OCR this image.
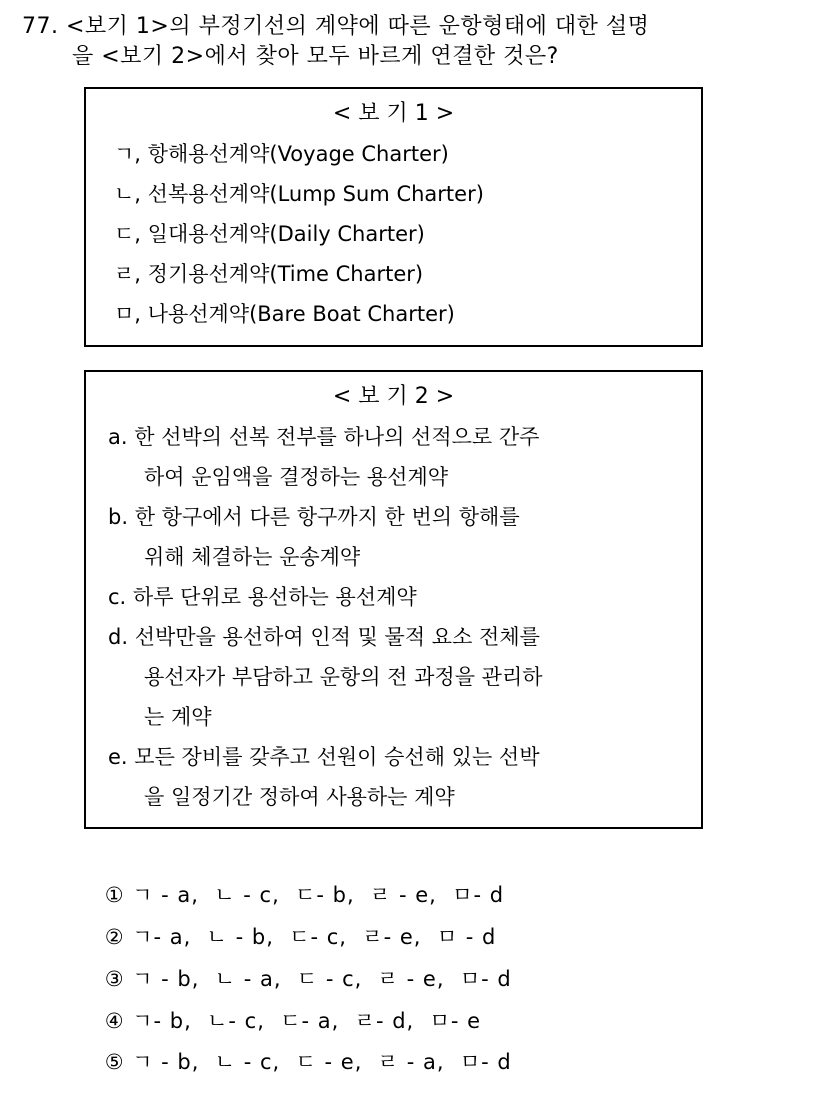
77. <보기 1>의 부정기선의 계약에 따른 운항형태에 대한 설명
을 <보기 2>에서 찾아 모두 바르게 연결한 것은?
< 보 기 1 >
ㄱ, 항해용선계약(Voyage Charter)
ㄴ, 선복용선계약(Lump Sum Charter)
ㄷ, 일대용선계약(Daily Charter)
ㄹ, 정기용선계약(Time Charter)
ㅁ, 나용선계약(Bare Boat Charter)
< 보 기 2 >
a. 한 선박의 선복 전부를 하나의 선적으로 간주
하여 운임액을 결정하는 용선계약
b. 한 항구에서 다른 항구까지 한 번의 항해를
위해 체결하는 운송계약
c. 하루 단위로 용선하는 용선계약
d. 선박만을 용선하여 인적 및 물적 요소 전체를
용선자가 부담하고 운항의 전 과정을 관리하
는 계약
e. 모든 장비를 갖추고 선원이 승선해 있는 선박
을 일정기간 정하여 사용하는 계약

① ㄱ - a,  ㄴ - c,  ㄷ- b,  ㄹ - e,  ㅁ- d

② ㄱ- a,  ㄴ - b,  ㄷ- c,  ㄹ- e,  ㅁ - d

③ ㄱ - b,  ㄴ - a,  ㄷ - c,  ㄹ - e,  ㅁ- d

④ ㄱ- b,  ㄴ- c,  ㄷ- a,  ㄹ- d,  ㅁ- e

⑤ ㄱ - b,  ㄴ - c,  ㄷ - e,  ㄹ - a,  ㅁ- d
